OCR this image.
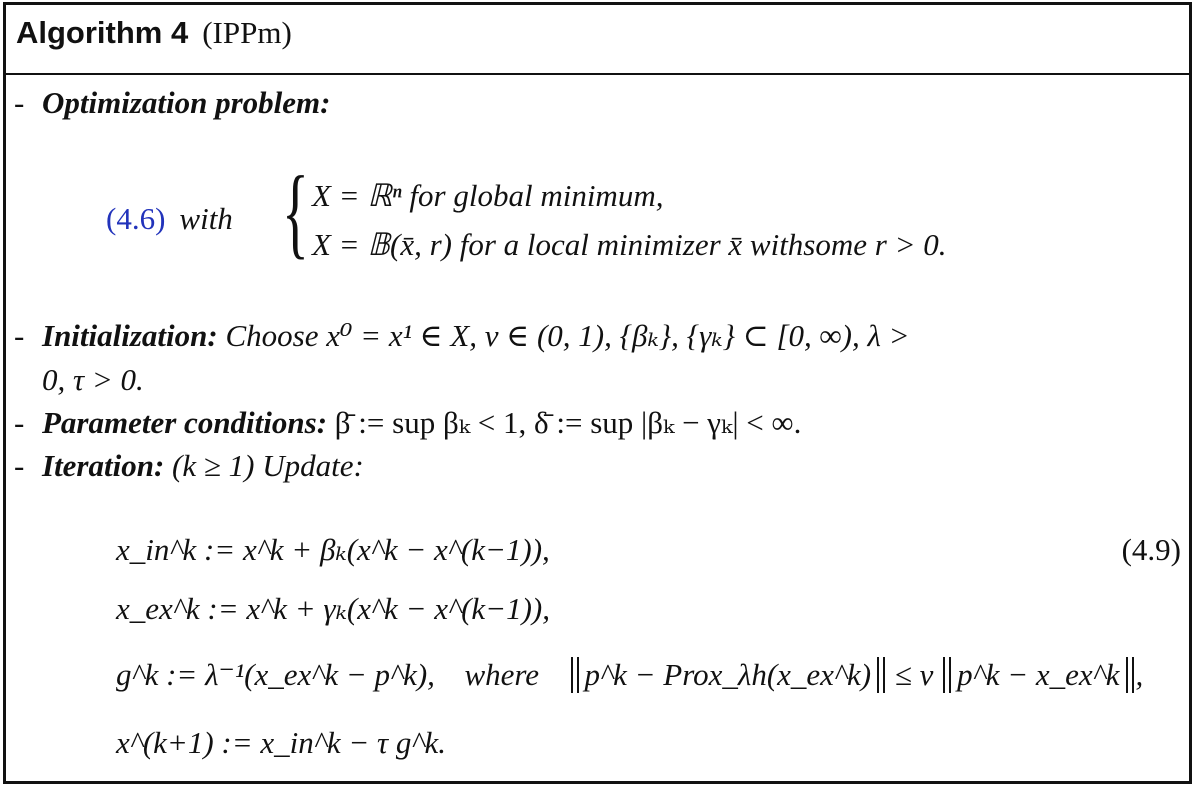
Algorithm 4 (IPPm)
- Optimization problem:
(4.6) with { X = ℝⁿ for global minimum,
X = 𝔹(x̄, r) for a local minimizer x̄ withsome r > 0.
- Initialization: Choose x⁰ = x¹ ∈ X, ν ∈ (0, 1), {βₖ}, {γₖ} ⊂ [0, ∞), λ >
0, τ > 0.
- Parameter conditions: β̄ := sup βₖ < 1, δ̄ := sup |βₖ − γₖ| < ∞.
- Iteration: (k ≥ 1) Update:
(4.9)
x_in^k := x^k + βₖ(x^k − x^(k−1)),
x_ex^k := x^k + γₖ(x^k − x^(k−1)),
g^k := λ⁻¹(x_ex^k − p^k), where p^k − Prox_λh(x_ex^k) ≤ ν p^k − x_ex^k ,
x^(k+1) := x_in^k − τ g^k.
